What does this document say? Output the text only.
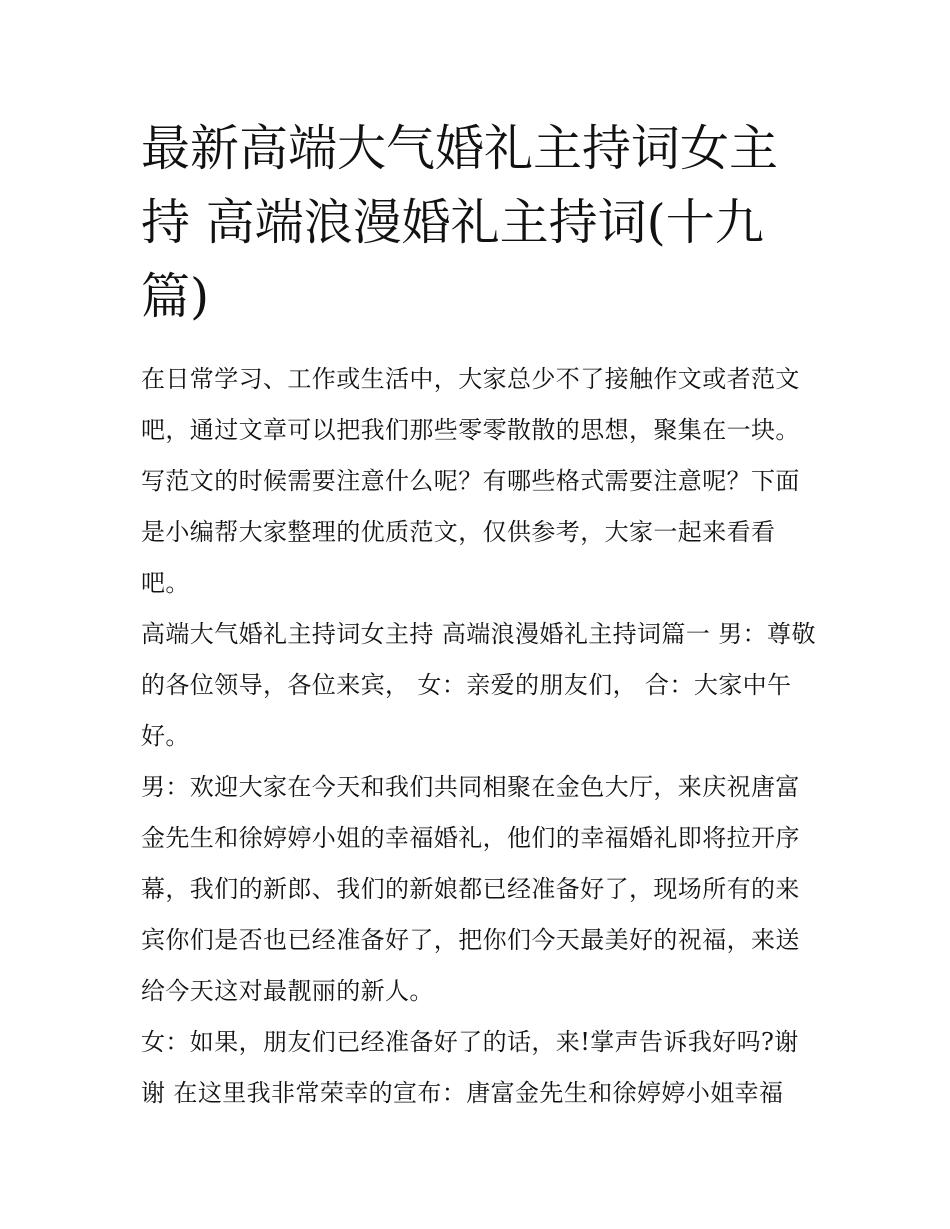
最新高端大气婚礼主持词女主持 高端浪漫婚礼主持词(十九篇)

在日常学习、工作或生活中，大家总少不了接触作文或者范文吧，通过文章可以把我们那些零零散散的思想，聚集在一块。写范文的时候需要注意什么呢？有哪些格式需要注意呢？下面是小编帮大家整理的优质范文，仅供参考，大家一起来看看吧。

高端大气婚礼主持词女主持 高端浪漫婚礼主持词篇一 男：尊敬的各位领导，各位来宾， 女：亲爱的朋友们， 合：大家中午好。

男：欢迎大家在今天和我们共同相聚在金色大厅，来庆祝唐富金先生和徐婷婷小姐的幸福婚礼，他们的幸福婚礼即将拉开序幕，我们的新郎、我们的新娘都已经准备好了，现场所有的来宾你们是否也已经准备好了，把你们今天最美好的祝福，来送给今天这对最靓丽的新人。

女：如果，朋友们已经准备好了的话，来!掌声告诉我好吗?谢谢 在这里我非常荣幸的宣布：唐富金先生和徐婷婷小姐幸福
